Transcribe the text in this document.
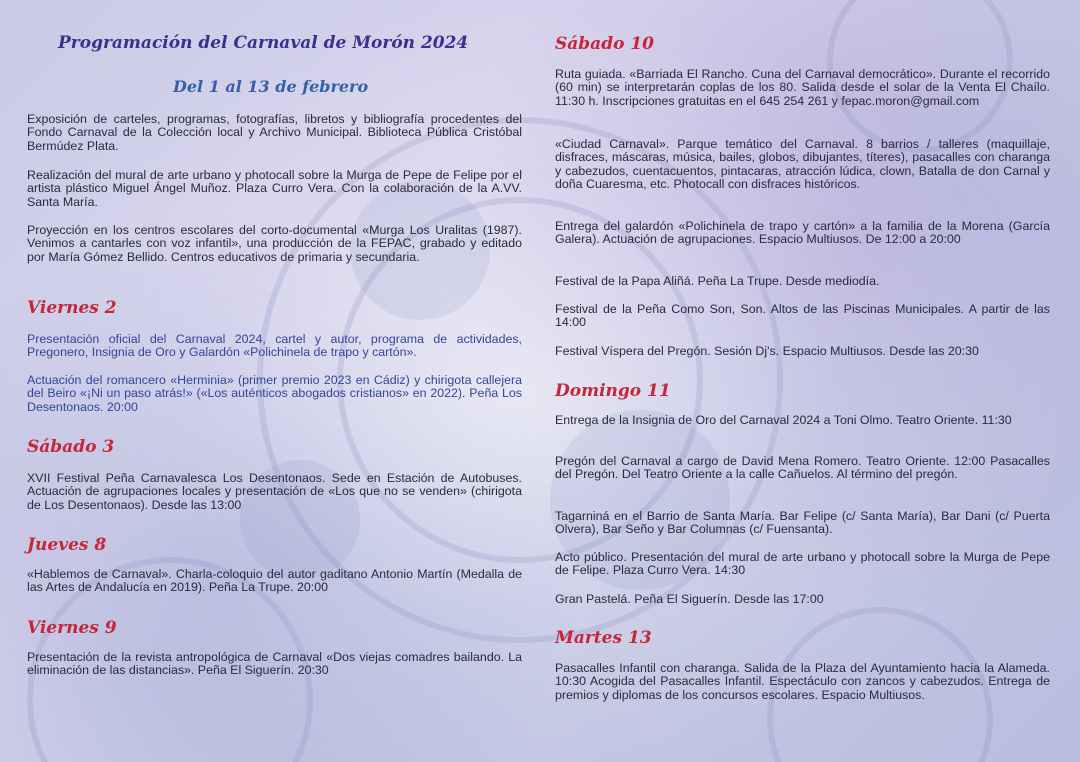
Programación del Carnaval de Morón 2024
Del 1 al 13 de febrero
Exposición de carteles, programas, fotografías, libretos y bibliografía procedentes del Fondo Carnaval de la Colección local y Archivo Municipal. Biblioteca Pública Cristóbal Bermúdez Plata.
Realización del mural de arte urbano y photocall sobre la Murga de Pepe de Felipe por el artista plástico Miguel Ángel Muñoz. Plaza Curro Vera. Con la colaboración de la A.VV. Santa María.
Proyección en los centros escolares del corto-documental «Murga Los Uralitas (1987). Venimos a cantarles con voz infantil», una producción de la FEPAC, grabado y editado por María Gómez Bellido. Centros educativos de primaria y secundaria.
Viernes 2
Presentación oficial del Carnaval 2024, cartel y autor, programa de actividades, Pregonero, Insignia de Oro y Galardón «Polichinela de trapo y cartón».
Actuación del romancero «Herminia» (primer premio 2023 en Cádiz) y chirigota callejera del Beiro «¡Ni un paso atrás!» («Los auténticos abogados cristianos» en 2022). Peña Los Desentonaos. 20:00
Sábado 3
XVII Festival Peña Carnavalesca Los Desentonaos. Sede en Estación de Autobuses. Actuación de agrupaciones locales y presentación de «Los que no se venden» (chirigota de Los Desentonaos). Desde las 13:00
Jueves 8
«Hablemos de Carnaval». Charla-coloquio del autor gaditano Antonio Martín (Medalla de las Artes de Andalucía en 2019). Peña La Trupe. 20:00
Viernes 9
Presentación de la revista antropológica de Carnaval «Dos viejas comadres bailando. La eliminación de las distancias». Peña El Siguerín. 20:30
Sábado 10
Ruta guiada. «Barriada El Rancho. Cuna del Carnaval democrático». Durante el recorrido (60 min) se interpretarán coplas de los 80. Salida desde el solar de la Venta El Chaílo. 11:30 h. Inscripciones gratuitas en el 645 254 261 y fepac.moron@gmail.com
«Ciudad Carnaval». Parque temático del Carnaval. 8 barrios / talleres (maquillaje, disfraces, máscaras, música, bailes, globos, dibujantes, títeres), pasacalles con charanga y cabezudos, cuentacuentos, pintacaras, atracción lúdica, clown, Batalla de don Carnal y doña Cuaresma, etc. Photocall con disfraces históricos.
Entrega del galardón «Polichinela de trapo y cartón» a la familia de la Morena (García Galera). Actuación de agrupaciones. Espacio Multiusos. De 12:00 a 20:00
Festival de la Papa Aliñá. Peña La Trupe. Desde mediodía.
Festival de la Peña Como Son, Son. Altos de las Piscinas Municipales. A partir de las 14:00
Festival Víspera del Pregón. Sesión Dj's. Espacio Multiusos. Desde las 20:30
Domingo 11
Entrega de la Insignia de Oro del Carnaval 2024 a Toni Olmo. Teatro Oriente. 11:30
Pregón del Carnaval a cargo de David Mena Romero. Teatro Oriente. 12:00 Pasacalles del Pregón. Del Teatro Oriente a la calle Cañuelos. Al término del pregón.
Tagarniná en el Barrio de Santa María. Bar Felipe (c/ Santa María), Bar Dani (c/ Puerta Olvera), Bar Seño y Bar Columnas (c/ Fuensanta).
Acto público. Presentación del mural de arte urbano y photocall sobre la Murga de Pepe de Felipe. Plaza Curro Vera. 14:30
Gran Pastelá. Peña El Siguerín. Desde las 17:00
Martes 13
Pasacalles Infantil con charanga. Salida de la Plaza del Ayuntamiento hacia la Alameda. 10:30 Acogida del Pasacalles Infantil. Espectáculo con zancos y cabezudos. Entrega de premios y diplomas de los concursos escolares. Espacio Multiusos.
